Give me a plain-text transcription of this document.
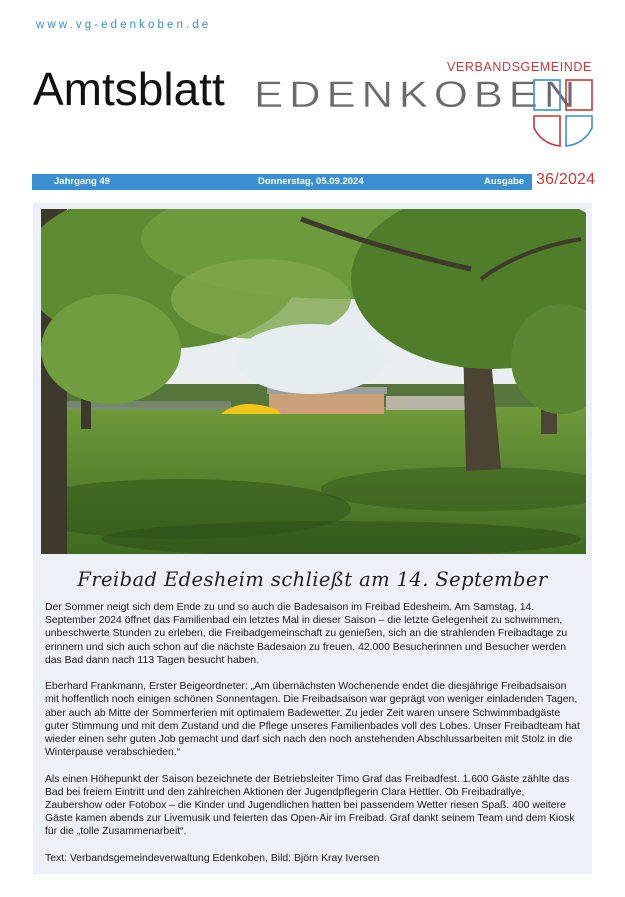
www.vg-edenkoben.de
Amtsblatt	VERBANDSGEMEINDE
EDENKOBEN
Jahrgang 49	Donnerstag, 05.09.2024	Ausgabe 36/2024
Freibad Edesheim schließt am 14. September

Der Sommer neigt sich dem Ende zu und so auch die Badesaison im Freibad Edesheim. Am Samstag, 14. September 2024 öffnet das Familienbad ein letztes Mal in dieser Saison – die letzte Gelegenheit zu schwimmen, unbeschwerte Stunden zu erleben, die Freibadgemeinschaft zu genießen, sich an die strahlenden Freibadtage zu erinnern und sich auch schon auf die nächste Badesaion zu freuen. 42.000 Besucherinnen und Besucher werden das Bad dann nach 113 Tagen besucht haben.

Eberhard Frankmann, Erster Beigeordneter: „Am übernächsten Wochenende endet die diesjährige Freibadsaison mit hoffentlich noch einigen schönen Sonnentagen. Die Freibadsaison war geprägt von weniger einladenden Tagen, aber auch ab Mitte der Sommerferien mit optimalem Badewetter. Zu jeder Zeit waren unsere Schwimmbadgäste guter Stimmung und mit dem Zustand und die Pflege unseres Familienbades voll des Lobes. Unser Freibadteam hat wieder einen sehr guten Job gemacht und darf sich nach den noch anstehenden Abschlussarbeiten mit Stolz in die Winterpause verabschieden.“

Als einen Höhepunkt der Saison bezeichnete der Betriebsleiter Timo Graf das Freibadfest. 1.600 Gäste zählte das Bad bei freiem Eintritt und den zahlreichen Aktionen der Jugendpflegerin Clara Hettler. Ob Freibadrallye, Zaubershow oder Fotobox – die Kinder und Jugendlichen hatten bei passendem Wetter riesen Spaß. 400 weitere Gäste kamen abends zur Livemusik und feierten das Open-Air im Freibad. Graf dankt seinem Team und dem Kiosk für die „tolle Zusammenarbeit“.

Text: Verbandsgemeindeverwaltung Edenkoben, Bild: Björn Kray Iversen
